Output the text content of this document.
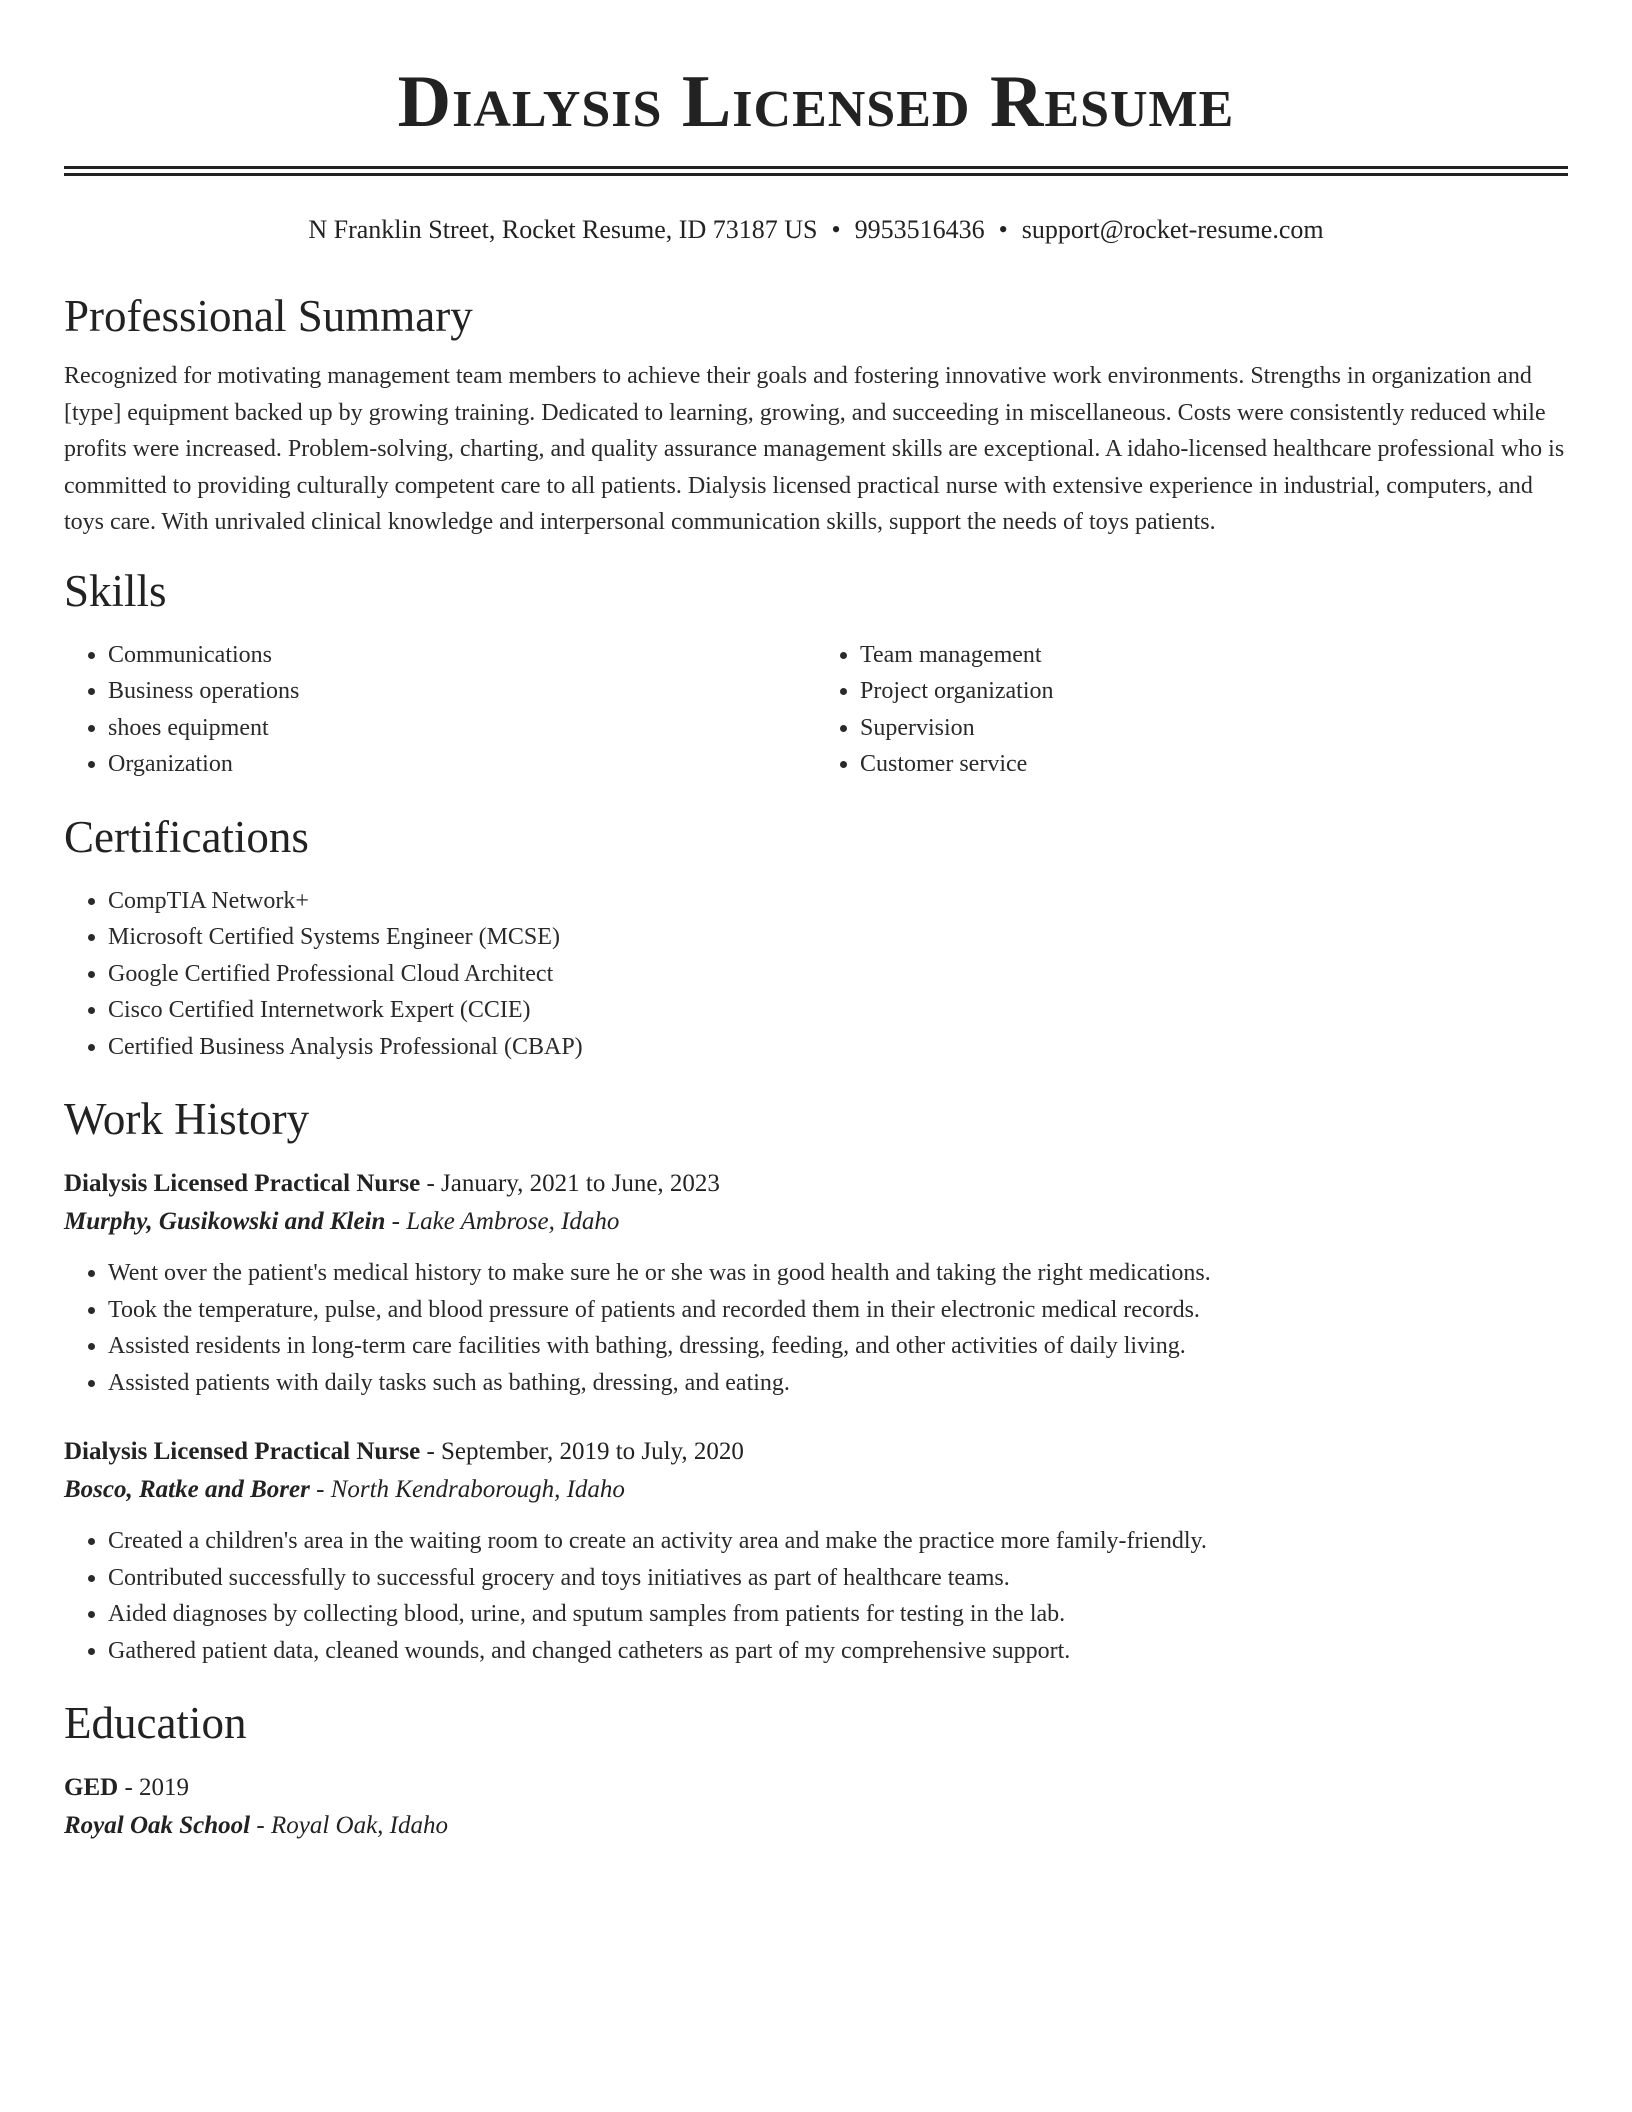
Dialysis Licensed Resume
N Franklin Street, Rocket Resume, ID 73187 US • 9953516436 • support@rocket-resume.com
Professional Summary

Recognized for motivating management team members to achieve their goals and fostering innovative work environments. Strengths in organization and [type] equipment backed up by growing training. Dedicated to learning, growing, and succeeding in miscellaneous. Costs were consistently reduced while profits were increased. Problem-solving, charting, and quality assurance management skills are exceptional. A idaho-licensed healthcare professional who is committed to providing culturally competent care to all patients. Dialysis licensed practical nurse with extensive experience in industrial, computers, and toys care. With unrivaled clinical knowledge and interpersonal communication skills, support the needs of toys patients.

Skills
• Communications
• Business operations
• shoes equipment
• Organization
• Team management
• Project organization
• Supervision
• Customer service
Certifications
• CompTIA Network+
• Microsoft Certified Systems Engineer (MCSE)
• Google Certified Professional Cloud Architect
• Cisco Certified Internetwork Expert (CCIE)
• Certified Business Analysis Professional (CBAP)
Work History
Dialysis Licensed Practical Nurse - January, 2021 to June, 2023
Murphy, Gusikowski and Klein - Lake Ambrose, Idaho
• Went over the patient's medical history to make sure he or she was in good health and taking the right medications.
• Took the temperature, pulse, and blood pressure of patients and recorded them in their electronic medical records.
• Assisted residents in long-term care facilities with bathing, dressing, feeding, and other activities of daily living.
• Assisted patients with daily tasks such as bathing, dressing, and eating.
Dialysis Licensed Practical Nurse - September, 2019 to July, 2020
Bosco, Ratke and Borer - North Kendraborough, Idaho
• Created a children's area in the waiting room to create an activity area and make the practice more family-friendly.
• Contributed successfully to successful grocery and toys initiatives as part of healthcare teams.
• Aided diagnoses by collecting blood, urine, and sputum samples from patients for testing in the lab.
• Gathered patient data, cleaned wounds, and changed catheters as part of my comprehensive support.
Education
GED - 2019
Royal Oak School - Royal Oak, Idaho
